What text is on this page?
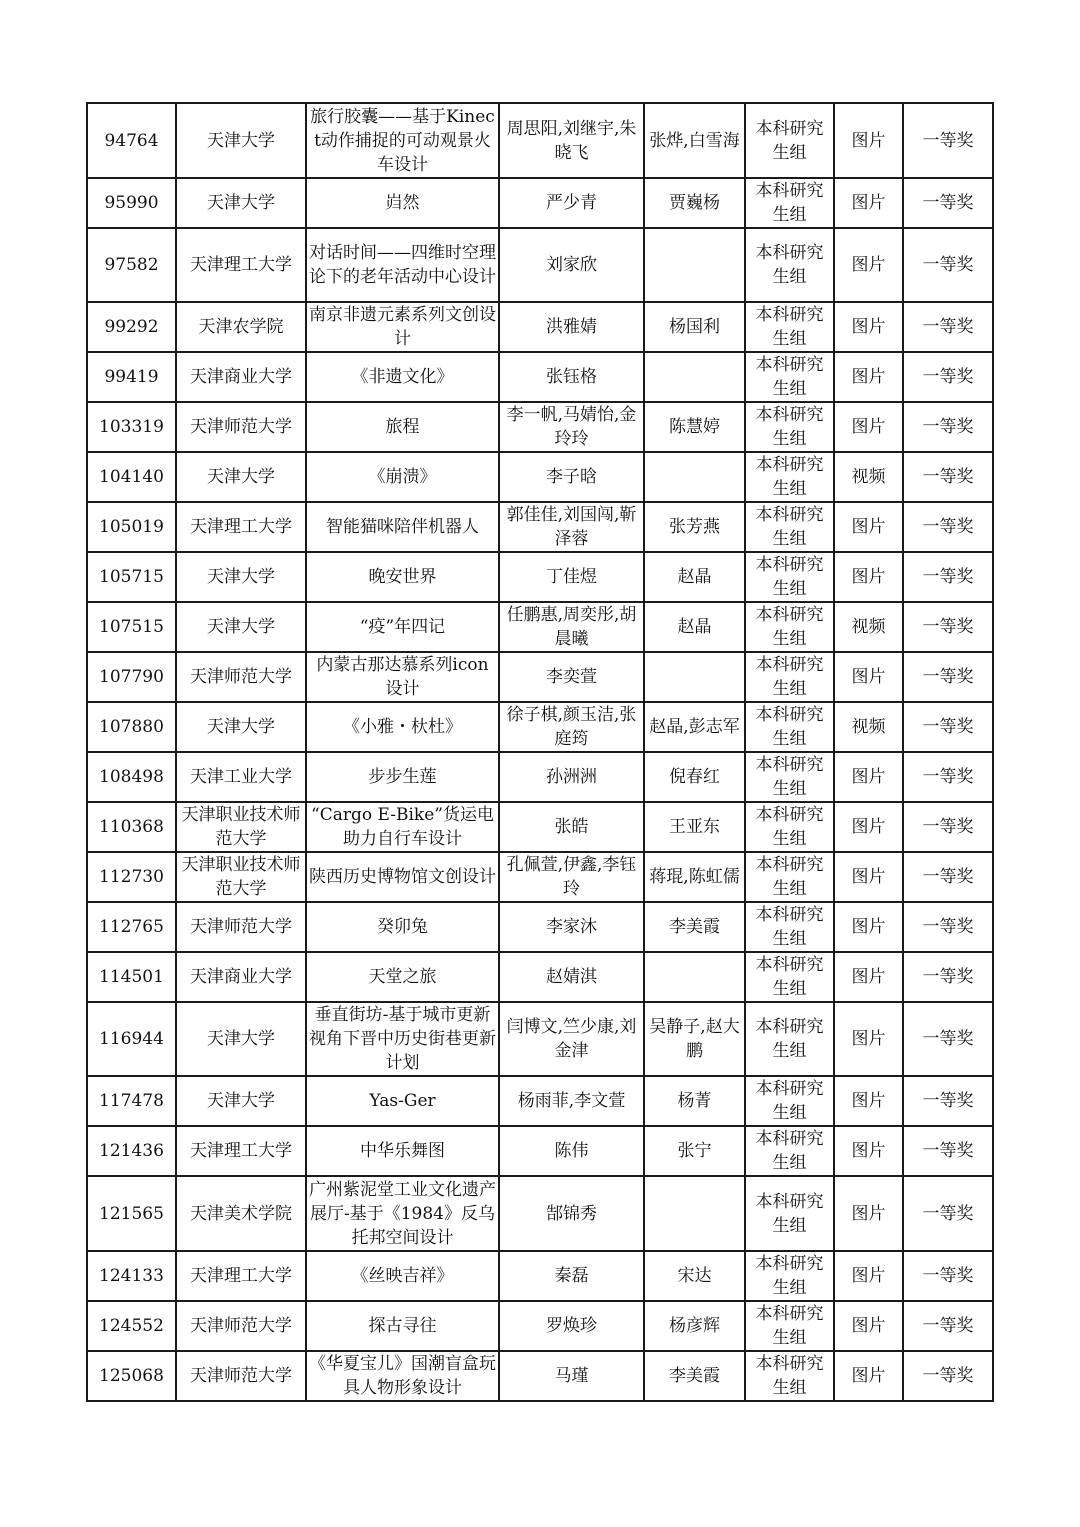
94764	天津大学	旅行胶囊——基于Kinect动作捕捉的可动观景火车设计	周思阳,刘继宇,朱晓飞	张烨,白雪海	本科研究生组	图片	一等奖
95990	天津大学	岿然	严少青	贾巍杨	本科研究生组	图片	一等奖
97582	天津理工大学	对话时间——四维时空理论下的老年活动中心设计	刘家欣		本科研究生组	图片	一等奖
99292	天津农学院	南京非遗元素系列文创设计	洪雅婧	杨国利	本科研究生组	图片	一等奖
99419	天津商业大学	《非遗文化》	张钰格		本科研究生组	图片	一等奖
103319	天津师范大学	旅程	李一帆,马婧怡,金玲玲	陈慧婷	本科研究生组	图片	一等奖
104140	天津大学	《崩溃》	李子晗		本科研究生组	视频	一等奖
105019	天津理工大学	智能猫咪陪伴机器人	郭佳佳,刘国闯,靳泽蓉	张芳燕	本科研究生组	图片	一等奖
105715	天津大学	晚安世界	丁佳煜	赵晶	本科研究生组	图片	一等奖
107515	天津大学	“疫”年四记	任鹏惠,周奕彤,胡晨曦	赵晶	本科研究生组	视频	一等奖
107790	天津师范大学	内蒙古那达慕系列icon设计	李奕萱		本科研究生组	图片	一等奖
107880	天津大学	《小雅・杕杜》	徐子棋,颜玉洁,张庭筠	赵晶,彭志军	本科研究生组	视频	一等奖
108498	天津工业大学	步步生莲	孙洲洲	倪春红	本科研究生组	图片	一等奖
110368	天津职业技术师范大学	“Cargo E-Bike”货运电助力自行车设计	张皓	王亚东	本科研究生组	图片	一等奖
112730	天津职业技术师范大学	陕西历史博物馆文创设计	孔佩萱,伊鑫,李钰玲	蒋琨,陈虹儒	本科研究生组	图片	一等奖
112765	天津师范大学	癸卯兔	李家沐	李美霞	本科研究生组	图片	一等奖
114501	天津商业大学	天堂之旅	赵婧淇		本科研究生组	图片	一等奖
116944	天津大学	垂直街坊-基于城市更新视角下晋中历史街巷更新计划	闫博文,竺少康,刘金津	吴静子,赵大鹏	本科研究生组	图片	一等奖
117478	天津大学	Yas-Ger	杨雨菲,李文萱	杨菁	本科研究生组	图片	一等奖
121436	天津理工大学	中华乐舞图	陈伟	张宁	本科研究生组	图片	一等奖
121565	天津美术学院	广州紫泥堂工业文化遗产展厅-基于《1984》反乌托邦空间设计	郜锦秀		本科研究生组	图片	一等奖
124133	天津理工大学	《丝映吉祥》	秦磊	宋达	本科研究生组	图片	一等奖
124552	天津师范大学	探古寻往	罗焕珍	杨彦辉	本科研究生组	图片	一等奖
125068	天津师范大学	《华夏宝儿》国潮盲盒玩具人物形象设计	马瑾	李美霞	本科研究生组	图片	一等奖
